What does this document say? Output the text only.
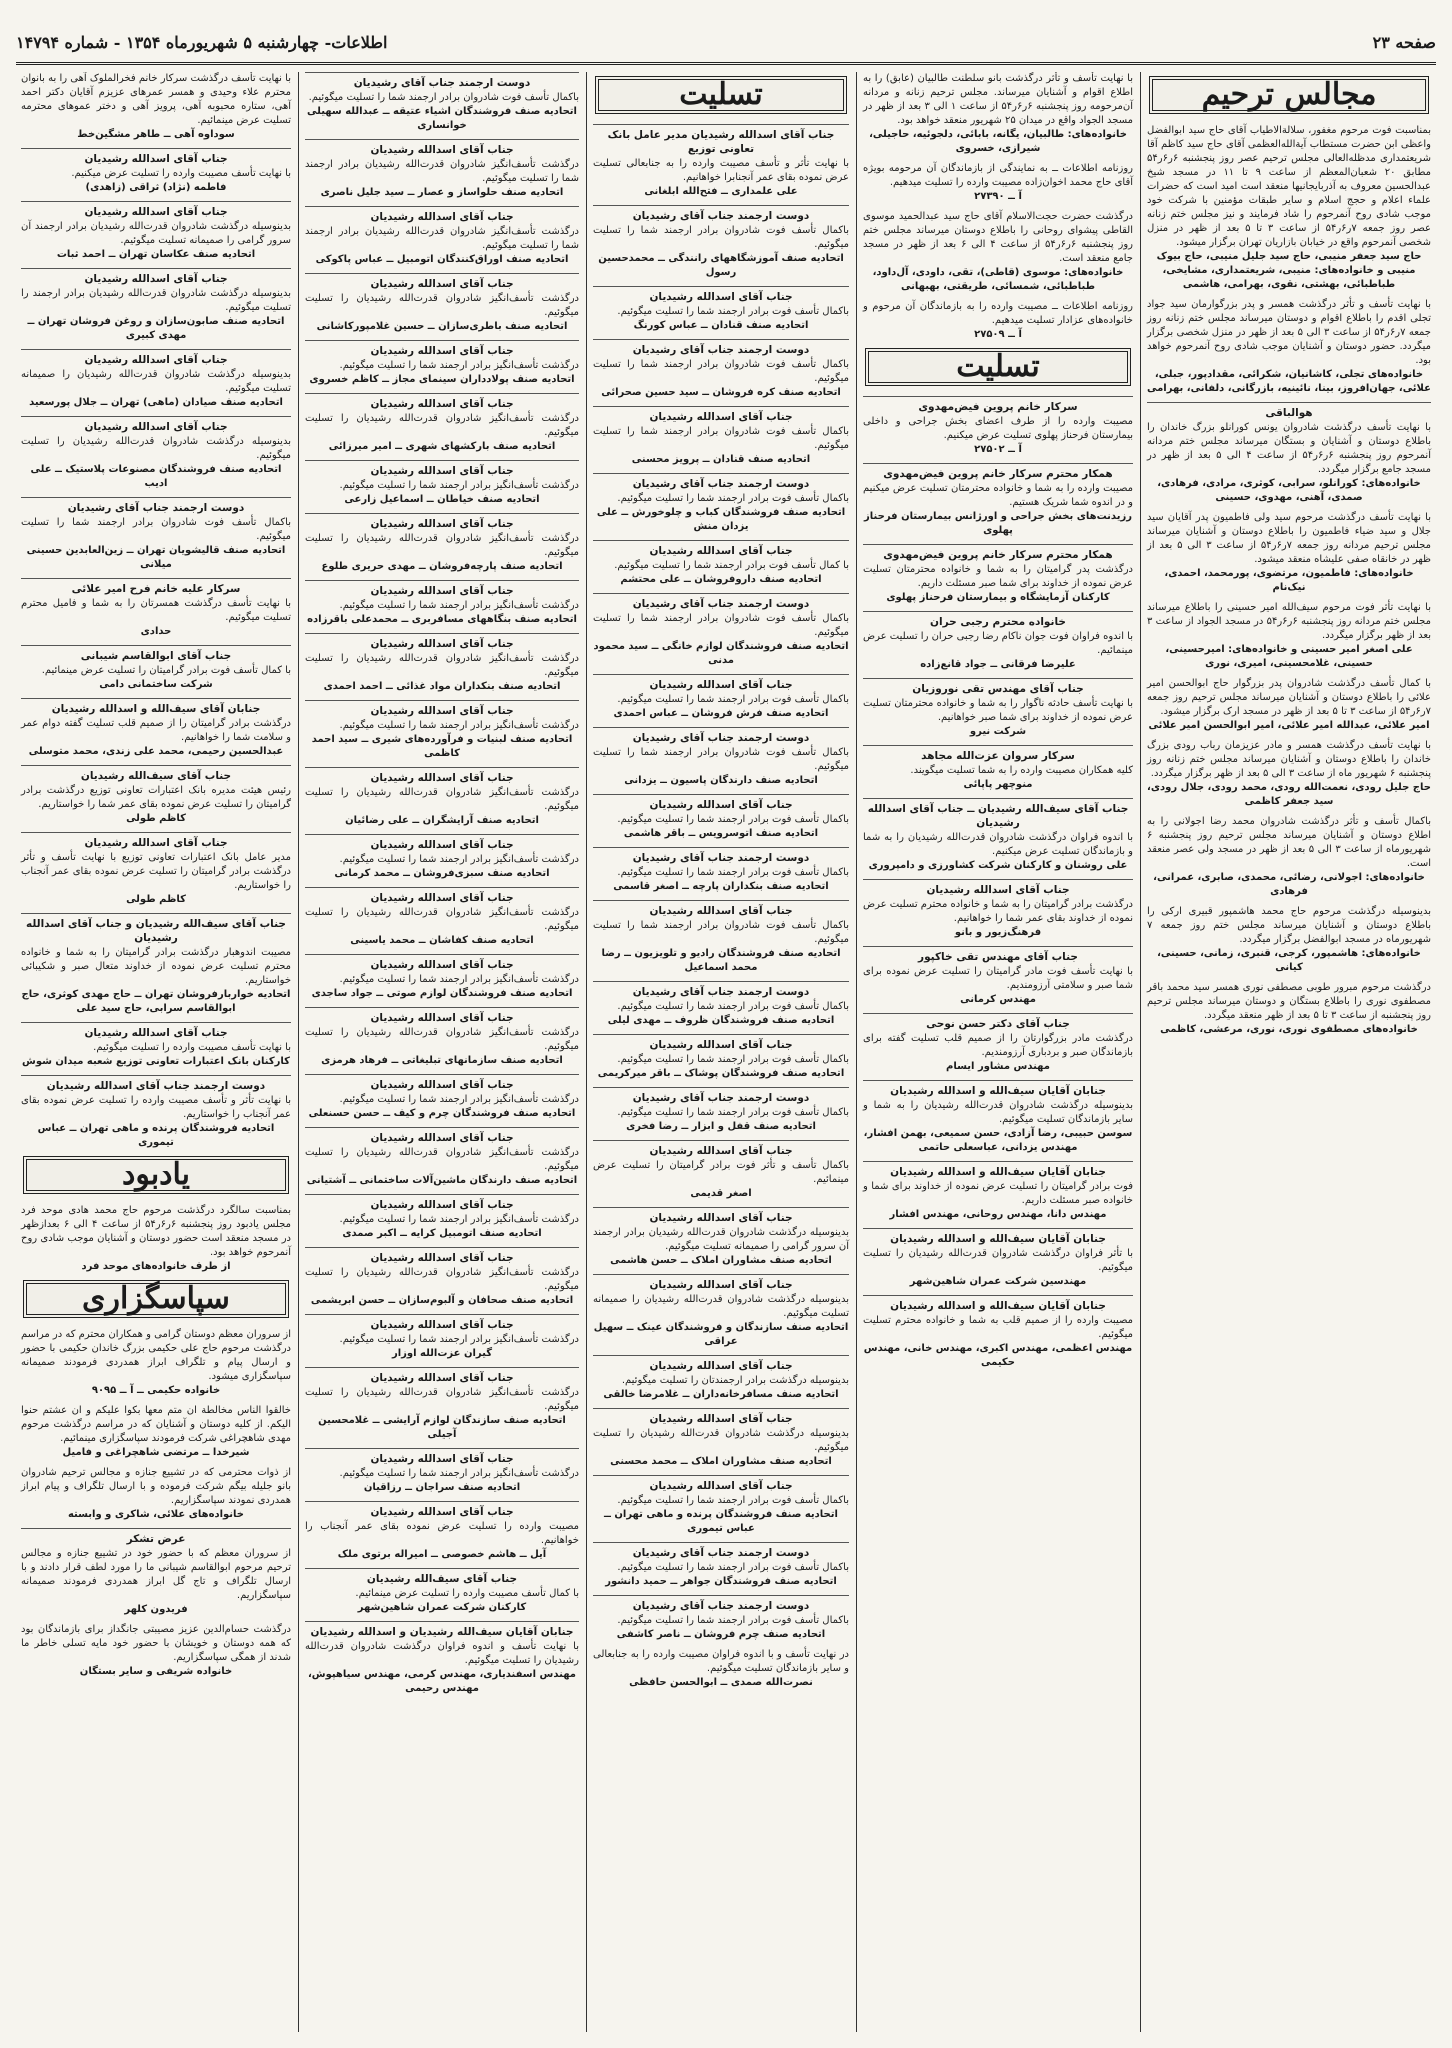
صفحه ۲۳
اطلاعات- چهارشنبه ۵ شهریورماه ۱۳۵۴ - شماره ۱۴۷۹۴
مجالس ترحیم
بمناسبت فوت مرحوم مغفور، سلالةالاطیاب آقای حاج سید ابوالفضل واعظی ابن حضرت مستطاب آیةالله‌العظمی آقای حاج سید کاظم آقا شریعتمداری مدظله‌العالی مجلس ترحیم عصر روز پنجشنبه ۶ر۶ر۵۴ مطابق ۲۰ شعبان‌المعظم از ساعت ۹ تا ۱۱ در مسجد شیخ عبدالحسین معروف به آذربایجانیها منعقد است امید است که حضرات علماء اعلام و حجج اسلام و سایر طبقات مؤمنین با شرکت خود موجب شادی روح آنمرحوم را شاد فرمایند و نیز مجلس ختم زنانه عصر روز جمعه ۷ر۶ر۵۴ از ساعت ۳ تا ۵ بعد از ظهر در منزل شخصی آنمرحوم واقع در خیابان بازاریان تهران برگزار میشود.
حاج سید جعفر منیبی، حاج سید جلیل منیبی، حاج بیوک منیبی و خانواده‌های: منیبی، شریعتمداری، مشایخی، طباطبائی، بهشتی، نقوی، بهرامی، هاشمی
با نهایت تأسف و تأثر درگذشت همسر و پدر بزرگوارمان سید جواد تجلی اقدم را باطلاع اقوام و دوستان میرساند مجلس ختم زنانه روز جمعه ۷ر۶ر۵۴ از ساعت ۳ الی ۵ بعد از ظهر در منزل شخصی برگزار میگردد. حضور دوستان و آشنایان موجب شادی روح آنمرحوم خواهد بود.
خانواده‌های تجلی، کاشانیان، شکرائی، مقدادپور، جبلی، علائی، جهان‌افروز، بینا، نائینیه، بازرگانی، دلفانی، بهرامی
هوالباقی
با نهایت تأسف درگذشت شادروان یونس کورانلو بزرگ خاندان را باطلاع دوستان و آشنایان و بستگان میرساند مجلس ختم مردانه آنمرحوم روز پنجشنبه ۶ر۶ر۵۴ از ساعت ۴ الی ۵ بعد از ظهر در مسجد جامع برگزار میگردد.
خانواده‌های: کورانلو، سرابی، کوثری، مرادی، فرهادی، صمدی، آهنی، مهدوی، حسینی
با نهایت تأسف درگذشت مرحوم سید ولی فاطمیون پدر آقایان سید جلال و سید ضیاء فاطمیون را باطلاع دوستان و آشنایان میرساند مجلس ترحیم مردانه روز جمعه ۷ر۶ر۵۴ از ساعت ۳ الی ۵ بعد از ظهر در خانقاه صفی علیشاه منعقد میشود.
خانواده‌های: فاطمیون، مرتضوی، پورمحمد، احمدی، نیک‌نام
با نهایت تأثر فوت مرحوم سیف‌الله امیر حسینی را باطلاع میرساند مجلس ختم مردانه روز پنجشنبه ۶ر۶ر۵۴ در مسجد الجواد از ساعت ۳ بعد از ظهر برگزار میگردد.
علی اصغر امیر حسینی و خانواده‌های: امیرحسینی، حسینی، غلامحسینی، امیری، نوری
با کمال تأسف درگذشت شادروان پدر بزرگوار حاج ابوالحسن امیر علائی را باطلاع دوستان و آشنایان میرساند مجلس ترحیم روز جمعه ۷ر۶ر۵۴ از ساعت ۳ تا ۵ بعد از ظهر در مسجد ارک برگزار میشود.
امیر علائی، عبدالله امیر علائی، امیر ابوالحسن امیر علائی
با نهایت تأسف درگذشت همسر و مادر عزیزمان رباب رودی بزرگ خاندان را باطلاع دوستان و آشنایان میرساند مجلس ختم زنانه روز پنجشنبه ۶ شهریور ماه از ساعت ۳ الی ۵ بعد از ظهر برگزار میگردد.
حاج جلیل رودی، نعمت‌الله رودی، محمد رودی، جلال رودی، سید جعفر کاظمی
باکمال تأسف و تأثر درگذشت شادروان محمد رضا اجولانی را به اطلاع دوستان و آشنایان میرساند مجلس ترحیم روز پنجشنبه ۶ شهریورماه از ساعت ۳ الی ۵ بعد از ظهر در مسجد ولی عصر منعقد است.
خانواده‌های: اجولانی، رضائی، محمدی، صابری، عمرانی، فرهادی
بدینوسیله درگذشت مرحوم حاج محمد هاشمپور قبیری ارکی را باطلاع دوستان و آشنایان میرساند مجلس ختم روز جمعه ۷ شهریورماه در مسجد ابوالفضل برگزار میگردد.
خانواده‌های: هاشمپور، کرجی، قنبری، زمانی، حسینی، کیانی
درگذشت مرحوم مبرور طوبی مصطفی نوری همسر سید محمد باقر مصطفوی نوری را باطلاع بستگان و دوستان میرساند مجلس ترحیم روز پنجشنبه از ساعت ۳ تا ۵ بعد از ظهر منعقد میگردد.
خانواده‌های مصطفوی نوری، نوری، مرعشی، کاظمی
با نهایت تأسف و تأثر درگذشت بانو سلطنت طالبیان (عابق) را به اطلاع اقوام و آشنایان میرساند. مجلس ترحیم زنانه و مردانه آن‌مرحومه روز پنجشنبه ۶ر۶ر۵۴ از ساعت ۱ الی ۳ بعد از ظهر در مسجد الجواد واقع در میدان ۲۵ شهریور منعقد خواهد بود.
خانواده‌های: طالبیان، یگانه، بابائی، دلجوئیه، حاجیلی، شیرازی، خسروی
روزنامه اطلاعات ــ به نمایندگی از بازماندگان آن مرحومه بویژه آقای حاج محمد اخوان‌زاده مصیبت وارده را تسلیت میدهیم.
آ ــ ۲۷۳۹۰
درگذشت حضرت حجت‌الاسلام آقای حاج سید عبدالحمید موسوی القاطی پیشوای روحانی را باطلاع دوستان میرساند مجلس ختم روز پنجشنبه ۶ر۶ر۵۴ از ساعت ۴ الی ۶ بعد از ظهر در مسجد جامع منعقد است.
خانواده‌های: موسوی (قاطی)، تقی، داودی، آل‌داود، طباطبائی، شمسائی، طریقتی، بهبهانی
روزنامه اطلاعات ــ مصیبت وارده را به بازماندگان آن مرحوم و خانواده‌های عزادار تسلیت میدهیم.
آ ــ ۲۷۵۰۹
تسلیت
سرکار خانم پروین فیض‌مهدوی
مصیبت وارده را از طرف اعضای بخش جراحی و داخلی بیمارستان فرحناز پهلوی تسلیت عرض میکنیم.
آ ــ ۲۷۵۰۲
همکار محترم سرکار خانم پروین فیض‌مهدوی
مصیبت وارده را به شما و خانواده محترمتان تسلیت عرض میکنیم و در اندوه شما شریک هستیم.
رزیدنت‌های بخش جراحی و اورژانس بیمارستان فرحناز پهلوی
همکار محترم سرکار خانم پروین فیض‌مهدوی
درگذشت پدر گرامیتان را به شما و خانواده محترمتان تسلیت عرض نموده از خداوند برای شما صبر مسئلت داریم.
کارکنان آزمایشگاه و بیمارستان فرحناز پهلوی
خانواده محترم رجبی حران
با اندوه فراوان فوت جوان ناکام رضا رجبی حران را تسلیت عرض مینمائیم.
علیرضا فرقانی ــ جواد قانع‌زاده
جناب آقای مهندس تقی نوروزیان
با نهایت تأسف حادثه ناگوار را به شما و خانواده محترمتان تسلیت عرض نموده از خداوند برای شما صبر خواهانیم.
شرکت نیرو
سرکار سروان عزت‌الله مجاهد
کلیه همکاران مصیبت وارده را به شما تسلیت میگویند.
منوچهر پاپائی
جناب آقای سیف‌الله رشیدیان ــ جناب آقای اسدالله رشیدیان
با اندوه فراوان درگذشت شادروان قدرت‌الله رشیدیان را به شما و بازماندگان تسلیت عرض میکنیم.
علی روشنان و کارکنان شرکت کشاورزی و دامپروری
جناب آقای اسدالله رشیدیان
درگذشت برادر گرامیتان را به شما و خانواده محترم تسلیت عرض نموده از خداوند بقای عمر شما را خواهانیم.
فرهنگ‌زیور و بانو
جناب آقای مهندس تقی خاکپور
با نهایت تأسف فوت مادر گرامیتان را تسلیت عرض نموده برای شما صبر و سلامتی آرزومندیم.
مهندس کرمانی
جناب آقای دکتر حسن نوحی
درگذشت مادر بزرگوارتان را از صمیم قلب تسلیت گفته برای بازماندگان صبر و بردباری آرزومندیم.
مهندس مشاور ایسام
جنابان آقایان سیف‌الله و اسدالله رشیدیان
بدینوسیله درگذشت شادروان قدرت‌الله رشیدیان را به شما و سایر بازماندگان تسلیت میگوئیم.
سوسن حبیبی، رضا آزادی، حسن سمیعی، بهمن افشار، مهندس یزدانی، عباسعلی حاتمی
جنابان آقایان سیف‌الله و اسدالله رشیدیان
فوت برادر گرامیتان را تسلیت عرض نموده از خداوند برای شما و خانواده صبر مسئلت داریم.
مهندس دانا، مهندس روحانی، مهندس افشار
جنابان آقایان سیف‌الله و اسدالله رشیدیان
با تأثر فراوان درگذشت شادروان قدرت‌الله رشیدیان را تسلیت میگوئیم.
مهندسین شرکت عمران شاهین‌شهر
جنابان آقایان سیف‌الله و اسدالله رشیدیان
مصیبت وارده را از صمیم قلب به شما و خانواده محترم تسلیت میگوئیم.
مهندس اعظمی، مهندس اکبری، مهندس خانی، مهندس حکیمی
تسلیت
جناب آقای اسدالله رشیدیان مدیر عامل بانک تعاونی توزیع
با نهایت تأثر و تأسف مصیبت وارده را به جنابعالی تسلیت عرض نموده بقای عمر آنجنابرا خواهانیم.
علی علمداری ــ فتح‌الله ابلغانی
دوست ارجمند جناب آقای رشیدیان
باکمال تأسف فوت شادروان برادر ارجمند شما را تسلیت میگوئیم.
اتحادیه صنف آموزشگاههای رانندگی ــ محمدحسین رسول
جناب آقای اسدالله رشیدیان
باکمال تأسف فوت برادر ارجمند شما را تسلیت میگوئیم.
اتحادیه صنف قنادان ــ عباس کورنگ
دوست ارجمند جناب آقای رشیدیان
باکمال تأسف فوت شادروان برادر ارجمند شما را تسلیت میگوئیم.
اتحادیه صنف کره فروشان ــ سید حسین صحرائی
جناب آقای اسدالله رشیدیان
باکمال تأسف فوت شادروان برادر ارجمند شما را تسلیت میگوئیم.
اتحادیه صنف قنادان ــ پرویز محسنی
دوست ارجمند جناب آقای رشیدیان
باکمال تأسف فوت برادر ارجمند شما را تسلیت میگوئیم.
اتحادیه صنف فروشندگان کباب و چلوخورش ــ علی یزدان منش
جناب آقای اسدالله رشیدیان
با کمال تأسف فوت برادر ارجمند شما را تسلیت میگوئیم.
اتحادیه صنف داروفروشان ــ علی محتشم
دوست ارجمند جناب آقای رشیدیان
باکمال تأسف فوت شادروان برادر ارجمند شما را تسلیت میگوئیم.
اتحادیه صنف فروشندگان لوازم خانگی ــ سید محمود مدنی
جناب آقای اسدالله رشیدیان
باکمال تأسف فوت برادر ارجمند شما را تسلیت میگوئیم.
اتحادیه صنف فرش فروشان ــ عباس احمدی
دوست ارجمند جناب آقای رشیدیان
باکمال تأسف فوت شادروان برادر ارجمند شما را تسلیت میگوئیم.
اتحادیه صنف دارندگان پاسیون ــ یزدانی
جناب آقای اسدالله رشیدیان
باکمال تأسف فوت برادر ارجمند شما را تسلیت میگوئیم.
اتحادیه صنف اتوسرویس ــ باقر هاشمی
دوست ارجمند جناب آقای رشیدیان
باکمال تأسف فوت برادر ارجمند شما را تسلیت میگوئیم.
اتحادیه صنف بنکداران پارچه ــ اصغر قاسمی
جناب آقای اسدالله رشیدیان
باکمال تأسف فوت شادروان برادر ارجمند شما را تسلیت میگوئیم.
اتحادیه صنف فروشندگان رادیو و تلویزیون ــ رضا محمد اسماعیل
دوست ارجمند جناب آقای رشیدیان
باکمال تأسف فوت برادر ارجمند شما را تسلیت میگوئیم.
اتحادیه صنف فروشندگان ظروف ــ مهدی لیلی
جناب آقای اسدالله رشیدیان
باکمال تأسف فوت برادر ارجمند شما را تسلیت میگوئیم.
اتحادیه صنف فروشندگان پوشاک ــ باقر میرکریمی
دوست ارجمند جناب آقای رشیدیان
باکمال تأسف فوت برادر ارجمند شما را تسلیت میگوئیم.
اتحادیه صنف قفل و ابزار ــ رضا فخری
جناب آقای اسدالله رشیدیان
باکمال تأسف و تأثر فوت برادر گرامیتان را تسلیت عرض مینمائیم.
اصغر قدیمی
جناب آقای اسدالله رشیدیان
بدینوسیله درگذشت شادروان قدرت‌الله رشیدیان برادر ارجمند آن سرور گرامی را صمیمانه تسلیت میگوئیم.
اتحادیه صنف مشاوران املاک ــ حسن هاشمی
جناب آقای اسدالله رشیدیان
بدینوسیله درگذشت شادروان قدرت‌الله رشیدیان را صمیمانه تسلیت میگوئیم.
اتحادیه صنف سازندگان و فروشندگان عینک ــ سهیل عراقی
جناب آقای اسدالله رشیدیان
بدینوسیله درگذشت برادر ارجمندتان را تسلیت میگوئیم.
اتحادیه صنف مسافرخانه‌داران ــ غلامرضا خالقی
جناب آقای اسدالله رشیدیان
بدینوسیله درگذشت شادروان قدرت‌الله رشیدیان را تسلیت میگوئیم.
اتحادیه صنف مشاوران املاک ــ محمد محسنی
جناب آقای اسدالله رشیدیان
باکمال تأسف فوت برادر ارجمند شما را تسلیت میگوئیم.
اتحادیه صنف فروشندگان پرنده و ماهی تهران ــ عباس تیموری
دوست ارجمند جناب آقای رشیدیان
باکمال تأسف فوت برادر ارجمند شما را تسلیت میگوئیم.
اتحادیه صنف فروشندگان جواهر ــ حمید دانشور
دوست ارجمند جناب آقای رشیدیان
باکمال تأسف فوت برادر ارجمند شما را تسلیت میگوئیم.
اتحادیه صنف چرم فروشان ــ ناصر کاشفی
در نهایت تأسف و با اندوه فراوان مصیبت وارده را به جنابعالی و سایر بازماندگان تسلیت میگوئیم.
نصرت‌الله صمدی ــ ابوالحسن حافظی
دوست ارجمند جناب آقای رشیدیان
باکمال تأسف فوت شادروان برادر ارجمند شما را تسلیت میگوئیم.
اتحادیه صنف فروشندگان اشیاء عتیقه ــ عبدالله سهیلی خوانساری
جناب آقای اسدالله رشیدیان
درگذشت تأسف‌انگیز شادروان قدرت‌الله رشیدیان برادر ارجمند شما را تسلیت میگوئیم.
اتحادیه صنف حلواساز و عصار ــ سید جلیل ناصری
جناب آقای اسدالله رشیدیان
درگذشت تأسف‌انگیز شادروان قدرت‌الله رشیدیان برادر ارجمند شما را تسلیت میگوئیم.
اتحادیه صنف اوراق‌کنندگان اتومبیل ــ عباس پاکوکی
جناب آقای اسدالله رشیدیان
درگذشت تأسف‌انگیز شادروان قدرت‌الله رشیدیان را تسلیت میگوئیم.
اتحادیه صنف باطری‌سازان ــ حسین غلامپورکاشانی
جناب آقای اسدالله رشیدیان
درگذشت تأسف‌انگیز برادر ارجمند شما را تسلیت میگوئیم.
اتحادیه صنف پولادداران سینمای مجاز ــ کاظم خسروی
جناب آقای اسدالله رشیدیان
درگذشت تأسف‌انگیز شادروان قدرت‌الله رشیدیان را تسلیت میگوئیم.
اتحادیه صنف بارکشهای شهری ــ امیر میرزائی
جناب آقای اسدالله رشیدیان
درگذشت تأسف‌انگیز برادر ارجمند شما را تسلیت میگوئیم.
اتحادیه صنف خیاطان ــ اسماعیل زارعی
جناب آقای اسدالله رشیدیان
درگذشت تأسف‌انگیز شادروان قدرت‌الله رشیدیان را تسلیت میگوئیم.
اتحادیه صنف پارچه‌فروشان ــ مهدی حریری طلوع
جناب آقای اسدالله رشیدیان
درگذشت تأسف‌انگیز برادر ارجمند شما را تسلیت میگوئیم.
اتحادیه صنف بنگاههای مسافربری ــ محمدعلی باقرزاده
جناب آقای اسدالله رشیدیان
درگذشت تأسف‌انگیز شادروان قدرت‌الله رشیدیان را تسلیت میگوئیم.
اتحادیه صنف بنکداران مواد غذائی ــ احمد احمدی
جناب آقای اسدالله رشیدیان
درگذشت تأسف‌انگیز برادر ارجمند شما را تسلیت میگوئیم.
اتحادیه صنف لبنیات و فرآورده‌های شیری ــ سید احمد کاظمی
جناب آقای اسدالله رشیدیان
درگذشت تأسف‌انگیز شادروان قدرت‌الله رشیدیان را تسلیت میگوئیم.
اتحادیه صنف آرایشگران ــ علی رضائیان
جناب آقای اسدالله رشیدیان
درگذشت تأسف‌انگیز برادر ارجمند شما را تسلیت میگوئیم.
اتحادیه صنف سبزی‌فروشان ــ محمد کرمانی
جناب آقای اسدالله رشیدیان
درگذشت تأسف‌انگیز شادروان قدرت‌الله رشیدیان را تسلیت میگوئیم.
اتحادیه صنف کفاشان ــ محمد یاسینی
جناب آقای اسدالله رشیدیان
درگذشت تأسف‌انگیز برادر ارجمند شما را تسلیت میگوئیم.
اتحادیه صنف فروشندگان لوازم صوتی ــ جواد ساجدی
جناب آقای اسدالله رشیدیان
درگذشت تأسف‌انگیز شادروان قدرت‌الله رشیدیان را تسلیت میگوئیم.
اتحادیه صنف سازمانهای تبلیغاتی ــ فرهاد هرمزی
جناب آقای اسدالله رشیدیان
درگذشت تأسف‌انگیز برادر ارجمند شما را تسلیت میگوئیم.
اتحادیه صنف فروشندگان چرم و کیف ــ حسن حسنعلی
جناب آقای اسدالله رشیدیان
درگذشت تأسف‌انگیز شادروان قدرت‌الله رشیدیان را تسلیت میگوئیم.
اتحادیه صنف دارندگان ماشین‌آلات ساختمانی ــ آشتیانی
جناب آقای اسدالله رشیدیان
درگذشت تأسف‌انگیز برادر ارجمند شما را تسلیت میگوئیم.
اتحادیه صنف اتومبیل کرایه ــ اکبر صمدی
جناب آقای اسدالله رشیدیان
درگذشت تأسف‌انگیز شادروان قدرت‌الله رشیدیان را تسلیت میگوئیم.
اتحادیه صنف صحافان و آلبوم‌سازان ــ حسن ابریشمی
جناب آقای اسدالله رشیدیان
درگذشت تأسف‌انگیز برادر ارجمند شما را تسلیت میگوئیم.
گیران عزت‌الله اوزار
جناب آقای اسدالله رشیدیان
درگذشت تأسف‌انگیز شادروان قدرت‌الله رشیدیان را تسلیت میگوئیم.
اتحادیه صنف سازندگان لوازم آرایشی ــ غلامحسین آجیلی
جناب آقای اسدالله رشیدیان
درگذشت تأسف‌انگیز برادر ارجمند شما را تسلیت میگوئیم.
اتحادیه صنف سراجان ــ رزاقیان
جناب آقای اسدالله رشیدیان
مصیبت وارده را تسلیت عرض نموده بقای عمر آنجناب را خواهانیم.
آیل ــ هاشم خصوصی ــ امیراله برتوی ملک
جناب آقای سیف‌الله رشیدیان
با کمال تأسف مصیبت وارده را تسلیت عرض مینمائیم.
کارکنان شرکت عمران شاهین‌شهر
جنابان آقایان سیف‌الله رشیدیان و اسدالله رشیدیان
با نهایت تأسف و اندوه فراوان درگذشت شادروان قدرت‌الله رشیدیان را تسلیت میگوئیم.
مهندس اسفندیاری، مهندس کرمی، مهندس سیاهپوش، مهندس رحیمی
با نهایت تأسف درگذشت سرکار خانم فخرالملوک آهی را به بانوان محترم علاء وحیدی و همسر عمرهای عزیزم آقایان دکتر احمد آهی، ستاره محبوبه آهی، پرویز آهی و دختر عموهای محترمه تسلیت عرض مینمائیم.
سوداوه آهی ــ طاهر مشگین‌خط
جناب آقای اسدالله رشیدیان
با نهایت تأسف مصیبت وارده را تسلیت عرض میکنیم.
فاطمه (نژاد) ثراقی (زاهدی)
جناب آقای اسدالله رشیدیان
بدینوسیله درگذشت شادروان قدرت‌الله رشیدیان برادر ارجمند آن سرور گرامی را صمیمانه تسلیت میگوئیم.
اتحادیه صنف عکاسان تهران ــ احمد ثبات
جناب آقای اسدالله رشیدیان
بدینوسیله درگذشت شادروان قدرت‌الله رشیدیان برادر ارجمند را تسلیت میگوئیم.
اتحادیه صنف صابون‌سازان و روغن فروشان تهران ــ مهدی کبیری
جناب آقای اسدالله رشیدیان
بدینوسیله درگذشت شادروان قدرت‌الله رشیدیان را صمیمانه تسلیت میگوئیم.
اتحادیه صنف صیادان (ماهی) تهران ــ جلال پورسعید
جناب آقای اسدالله رشیدیان
بدینوسیله درگذشت شادروان قدرت‌الله رشیدیان را تسلیت میگوئیم.
اتحادیه صنف فروشندگان مصنوعات پلاستیک ــ علی ادیب
دوست ارجمند جناب آقای رشیدیان
باکمال تأسف فوت شادروان برادر ارجمند شما را تسلیت میگوئیم.
اتحادیه صنف قالیشویان تهران ــ زین‌العابدین حسینی میلانی
سرکار علیه خانم فرح امیر علائی
با نهایت تأسف درگذشت همسرتان را به شما و فامیل محترم تسلیت میگوئیم.
حدادی
جناب آقای ابوالقاسم شیبانی
با کمال تأسف فوت برادر گرامیتان را تسلیت عرض مینمائیم.
شرکت ساختمانی دامی
جنابان آقای سیف‌الله و اسدالله رشیدیان
درگذشت برادر گرامیتان را از صمیم قلب تسلیت گفته دوام عمر و سلامت شما را خواهانیم.
عبدالحسین رحیمی، محمد علی زندی، محمد متوسلی
جناب آقای سیف‌الله رشیدیان
رئیس هیئت مدیره بانک اعتبارات تعاونی توزیع درگذشت برادر گرامیتان را تسلیت عرض نموده بقای عمر شما را خواستاریم.
کاظم طولی
جناب آقای اسدالله رشیدیان
مدیر عامل بانک اعتبارات تعاونی توزیع با نهایت تأسف و تأثر درگذشت برادر گرامیتان را تسلیت عرض نموده بقای عمر آنجناب را خواستاریم.
کاظم طولی
جناب آقای سیف‌الله رشیدیان و جناب آقای اسدالله رشیدیان
مصیبت اندوهبار درگذشت برادر گرامیتان را به شما و خانواده محترم تسلیت عرض نموده از خداوند متعال صبر و شکیبائی خواستاریم.
اتحادیه خواربارفروشان تهران ــ حاج مهدی کوثری، حاج ابوالقاسم سرابی، حاج سید علی
جناب آقای اسدالله رشیدیان
با نهایت تأسف مصیبت وارده را تسلیت میگوئیم.
کارکنان بانک اعتبارات تعاونی توزیع شعبه میدان شوش
دوست ارجمند جناب آقای اسدالله رشیدیان
با نهایت تأثر و تأسف مصیبت وارده را تسلیت عرض نموده بقای عمر آنجناب را خواستاریم.
اتحادیه فروشندگان پرنده و ماهی تهران ــ عباس تیموری
یادبود
بمناسبت سالگرد درگذشت مرحوم حاج محمد هادی موحد فرد مجلس یادبود روز پنجشنبه ۶ر۶ر۵۴ از ساعت ۴ الی ۶ بعدازظهر در مسجد منعقد است حضور دوستان و آشنایان موجب شادی روح آنمرحوم خواهد بود.
از طرف خانواده‌های موحد فرد
سپاسگزاری
از سروران معظم دوستان گرامی و همکاران محترم که در مراسم درگذشت مرحوم حاج علی حکیمی بزرگ خاندان حکیمی با حضور و ارسال پیام و تلگراف ابراز همدردی فرمودند صمیمانه سپاسگزاری میشود.
خانواده حکیمی ــ آ ــ ۹۰۹۵
خالقوا الناس مخالطة ان متم معها بکوا علیکم و ان عشتم حنوا الیکم. از کلیه دوستان و آشنایان که در مراسم درگذشت مرحوم مهدی شاهچراغی شرکت فرمودند سپاسگزاری مینمائیم.
شیرخدا ــ مرتضی شاهچراغی و فامیل
از ذوات محترمی که در تشییع جنازه و مجالس ترحیم شادروان بانو جلیله بیگم شرکت فرموده و با ارسال تلگراف و پیام ابراز همدردی نمودند سپاسگزاریم.
خانواده‌های علائی، شاکری و وابسته
عرض تشکر
از سروران معظم که با حضور خود در تشییع جنازه و مجالس ترحیم مرحوم ابوالقاسم شیبانی ما را مورد لطف قرار دادند و با ارسال تلگراف و تاج گل ابراز همدردی فرمودند صمیمانه سپاسگزاریم.
فریدون کلهر
درگذشت حسام‌الدین عزیز مصیبتی جانگداز برای بازماندگان بود که همه دوستان و خویشان با حضور خود مایه تسلی خاطر ما شدند از همگی سپاسگزاریم.
خانواده شریفی و سایر بستگان
